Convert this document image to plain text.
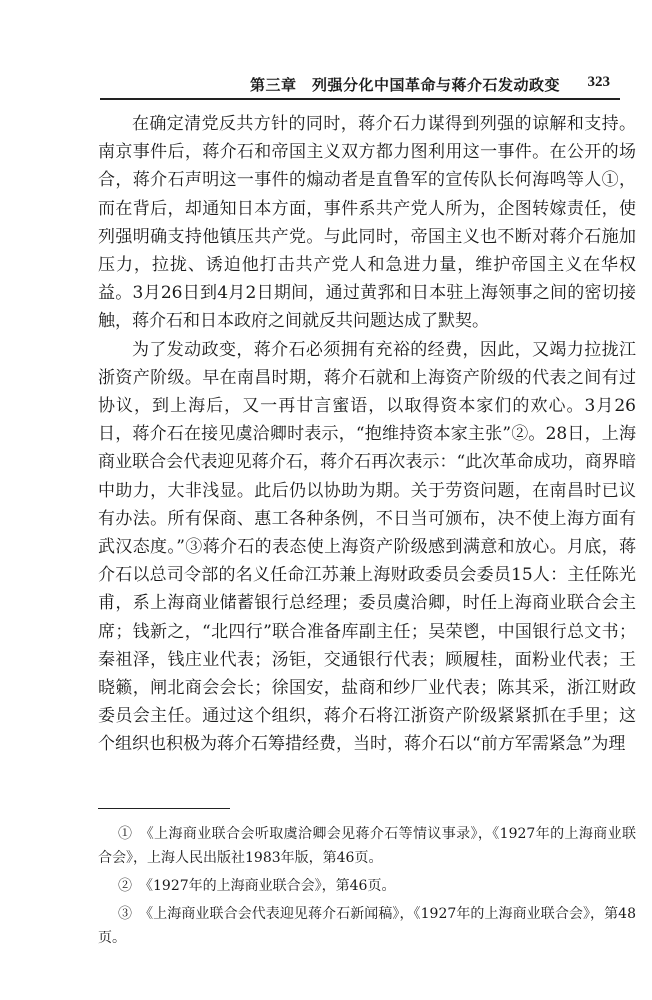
第三章　列强分化中国革命与蒋介石发动政变 323

在确定清党反共方针的同时，蒋介石力谋得到列强的谅解和支持。南京事件后，蒋介石和帝国主义双方都力图利用这一事件。在公开的场合，蒋介石声明这一事件的煽动者是直鲁军的宣传队长何海鸣等人①，而在背后，却通知日本方面，事件系共产党人所为，企图转嫁责任，使列强明确支持他镇压共产党。与此同时，帝国主义也不断对蒋介石施加压力，拉拢、诱迫他打击共产党人和急进力量，维护帝国主义在华权益。3月26日到4月2日期间，通过黄郛和日本驻上海领事之间的密切接触，蒋介石和日本政府之间就反共问题达成了默契。

为了发动政变，蒋介石必须拥有充裕的经费，因此，又竭力拉拢江浙资产阶级。早在南昌时期，蒋介石就和上海资产阶级的代表之间有过协议，到上海后，又一再甘言蜜语，以取得资本家们的欢心。3月26日，蒋介石在接见虞洽卿时表示，“抱维持资本家主张”②。28日，上海商业联合会代表迎见蒋介石，蒋介石再次表示：“此次革命成功，商界暗中助力，大非浅显。此后仍以协助为期。关于劳资问题，在南昌时已议有办法。所有保商、惠工各种条例，不日当可颁布，决不使上海方面有武汉态度。”③蒋介石的表态使上海资产阶级感到满意和放心。月底，蒋介石以总司令部的名义任命江苏兼上海财政委员会委员15人：主任陈光甫，系上海商业储蓄银行总经理；委员虞洽卿，时任上海商业联合会主席；钱新之，“北四行”联合准备库副主任；吴荣鬯，中国银行总文书；秦祖泽，钱庄业代表；汤钜，交通银行代表；顾履桂，面粉业代表；王晓籁，闸北商会会长；徐国安，盐商和纱厂业代表；陈其采，浙江财政委员会主任。通过这个组织，蒋介石将江浙资产阶级紧紧抓在手里；这个组织也积极为蒋介石筹措经费，当时，蒋介石以“前方军需紧急”为理

①　《上海商业联合会听取虞洽卿会见蒋介石等情议事录》，《1927年的上海商业联合会》，上海人民出版社1983年版，第46页。

②　《1927年的上海商业联合会》，第46页。

③　《上海商业联合会代表迎见蒋介石新闻稿》，《1927年的上海商业联合会》，第48页。
